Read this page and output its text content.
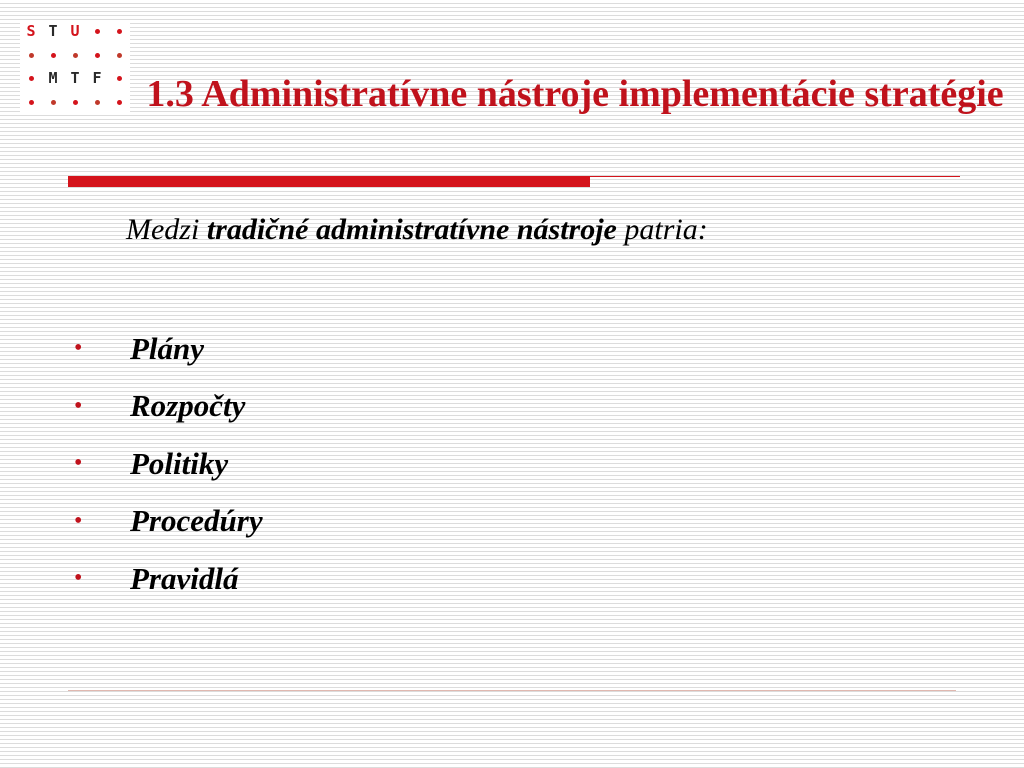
S T U
M T F 1.3 Administratívne nástroje implementácie stratégie
Medzi tradičné administratívne nástroje patria:
•	Plány
•	Rozpočty
•	Politiky
•	Procedúry
•	Pravidlá
